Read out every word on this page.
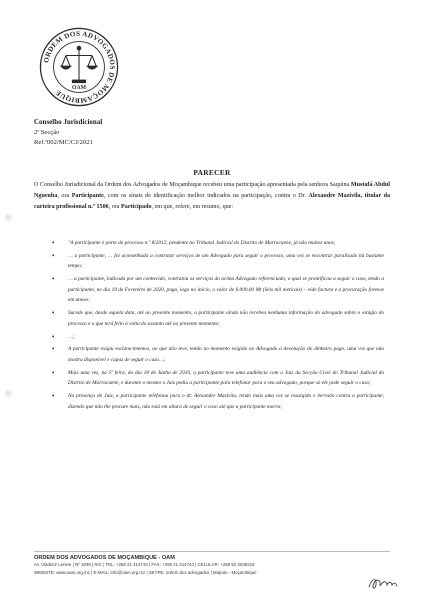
ORDEM DOS ADVOGADOS DE MOÇAMBIQUE
OAM
Conselho Jurisdicional
2ª Secção
Ref.ª002/MC/CJ/2021
PARECER
O Conselho Jurisdicional da Ordem dos Advogados de Moçambique recebeu uma participação apresentada pela senhora Saquina Mustafá Abdul Nguenha, ora Participante, com os sinais de identificação melhor indicados na participação, contra o Dr. Alexandre Mazivila, titular da carteira profissional n.º 1506, ora Participado, em que, refere, em resumo, que:
•	"A participante é parte do processo n.º 8/2012, pendente no Tribunal Judicial do Distrito de Marracuene, já não muitos anos;
•	… a participante, … foi aconselhada a contratar serviços de um Advogado para seguir o processo, uma vez se encontrar paralisado há bastante tempo;
•	… a participante, indicada por um conhecido, contratou os serviços do acima Advogado referenciado, o qual se prontificou a seguir o caso, tendo a participante, no dia 19 de Fevereiro de 2020, pago, logo no início, o valor de 6.000,00 Mt (Seis mil meticais) – vide factura e a procuração forense em anexo;
•	Sucede que, desde aquela data, até ao presente momento, a participante ainda não recebeu nenhuma informação do advogado sobre o estágio do processo e o que terá feito à volta do assunto até ao presente momento;
•	…;
•	A participante exigiu esclarecimentos, ao que não teve, tendo no momento exigido ao Advogado a devolução do dinheiro pago, uma vez que não mostra disponível e capaz de seguir o caso…;
•	Mais uma vez, na 5ª feira, do dia 18 de Junho de 2020, a participante teve uma audiência com o Juiz da Secção Cível do Tribunal Judicial do Distrito de Marracuene, e durante o mesmo o Juiz pediu a participante para telefonar para o seu advogado, porque só ele pode seguir o caso;
•	Na presença do Juiz, a participante telefonou para o dr. Alexandre Mazivila, tendo mais uma vez se insurgido e berrado contra a participante, dizendo que não lhe procure mais, não está em altura de seguir o caso até que a participante morra;
ORDEM DOS ADVOGADOS DE MOÇAMBIQUE - OAM
Av. Vladimir Lenine | Nº 1935 | R/C | TEL: +258 21 414743 | FAX: +258 21 414744 | CELULAR: +258 82 3038218
WEBSITE: www.oam.org.mz | E-MAIL: info@oam.org.mz | SKYPE: ordem dos advogados | Maputo - Moçambique
